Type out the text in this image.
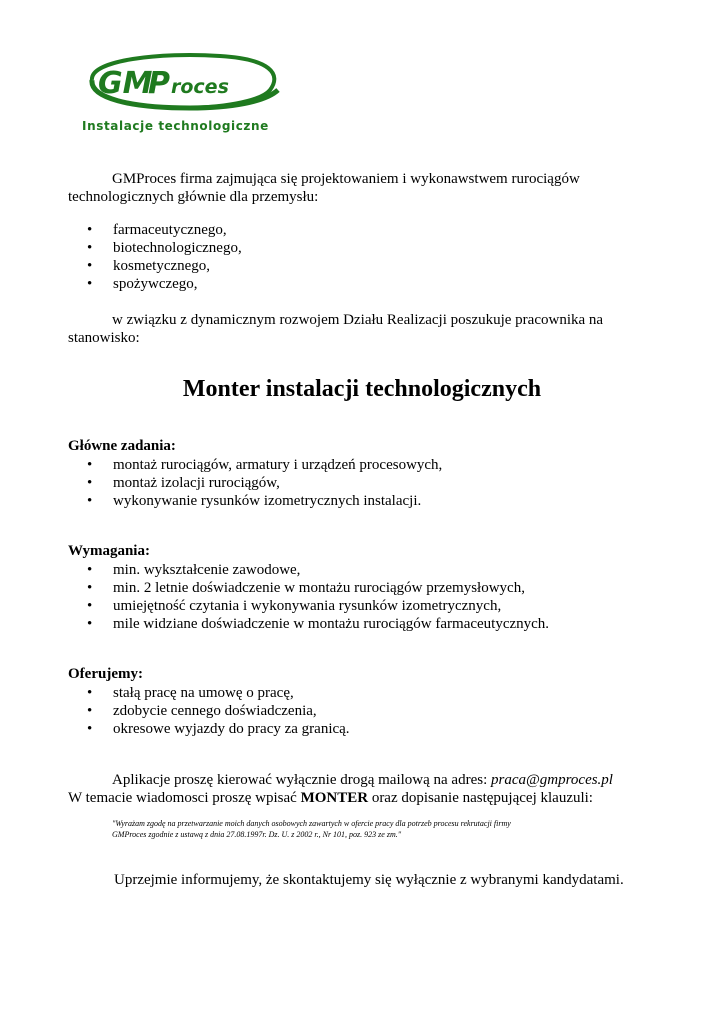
GM
P roces
Instalacje technologiczne
GMProces firma zajmująca się projektowaniem i wykonawstwem rurociągów
technologicznych głównie dla przemysłu:
• farmaceutycznego,
• biotechnologicznego,
• kosmetycznego,
• spożywczego,
w związku z dynamicznym rozwojem Działu Realizacji poszukuje pracownika na
stanowisko:
Monter instalacji technologicznych
Główne zadania:
• montaż rurociągów, armatury i urządzeń procesowych,
• montaż izolacji rurociągów,
• wykonywanie rysunków izometrycznych instalacji.
Wymagania:
• min. wykształcenie zawodowe,
• min. 2 letnie doświadczenie w montażu rurociągów przemysłowych,
• umiejętność czytania i wykonywania rysunków izometrycznych,
• mile widziane doświadczenie w montażu rurociągów farmaceutycznych.
Oferujemy:
• stałą pracę na umowę o pracę,
• zdobycie cennego doświadczenia,
• okresowe wyjazdy do pracy za granicą.
Aplikacje proszę kierować wyłącznie drogą mailową na adres: praca@gmproces.pl
W temacie wiadomosci proszę wpisać MONTER oraz dopisanie następującej klauzuli:
"Wyrażam zgodę na przetwarzanie moich danych osobowych zawartych w ofercie pracy dla potrzeb procesu rekrutacji firmy
GMProces zgodnie z ustawą z dnia 27.08.1997r. Dz. U. z 2002 r., Nr 101, poz. 923 ze zm."
Uprzejmie informujemy, że skontaktujemy się wyłącznie z wybranymi kandydatami.
